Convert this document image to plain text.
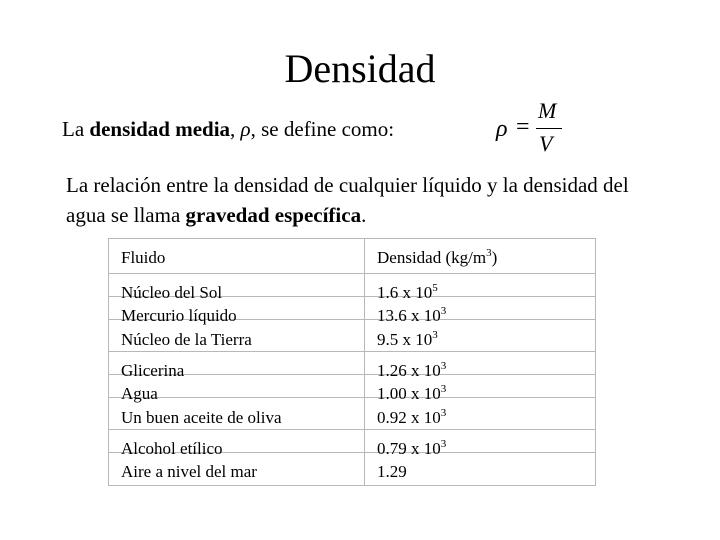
Densidad
La densidad media, ρ, se define como:	ρ =
M
V
La relación entre la densidad de cualquier líquido y la densidad del agua se llama gravedad específica.
Fluido	Densidad $(kg/m^3)$
Núcleo del Sol	1.6 x $10^5$
Mercurio líquido	13.6 x $10^3$
Núcleo de la Tierra	9.5 x $10^3$
Glicerina	1.26 x $10^3$
Agua	1.00 x $10^3$
Un buen aceite de oliva	0.92 x $10^3$
Alcohol etílico	0.79 x $10^3$
Aire a nivel del mar	1.29
